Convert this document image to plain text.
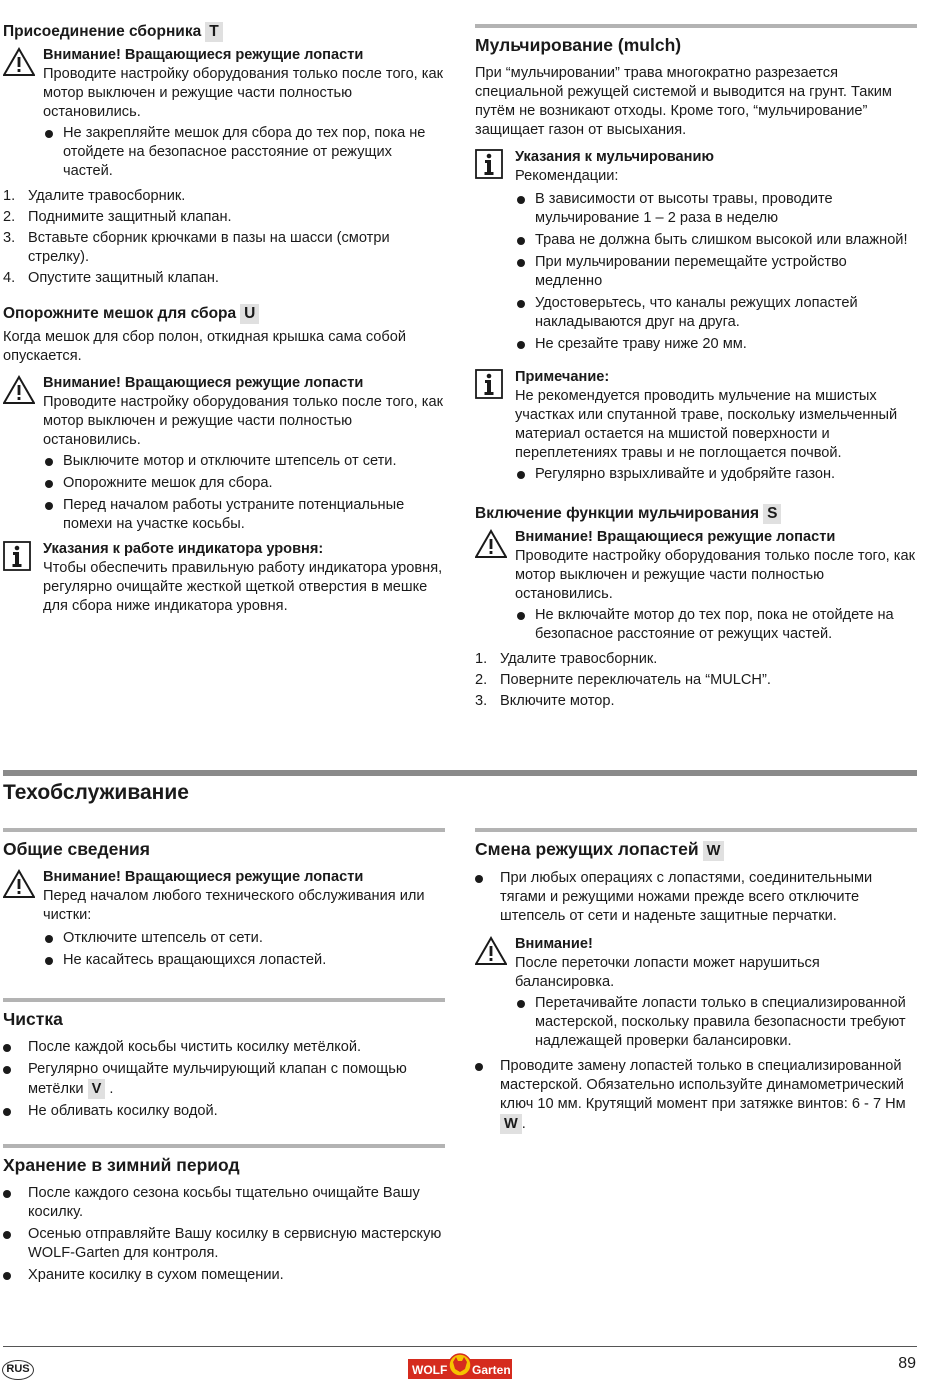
Присоединение сборника T
Внимание! Вращающиеся режущие лопасти

Проводите настройку оборудования только после того, как мотор выключен и режущие части полностью остановились.

Не закрепляйте мешок для сбора до тех пор, пока не отойдете на безопасное расстояние от режущих частей.
1. Удалите травосборник.
2. Поднимите защитный клапан.
3. Вставьте сборник крючками в пазы на шасси (смотри стрелку).
4. Опустите защитный клапан.
Опорожните мешок для сбора U

Когда мешок для сбор полон, откидная крышка сама собой опускается.

Внимание! Вращающиеся режущие лопасти

Проводите настройку оборудования только после того, как мотор выключен и режущие части полностью остановились.

Выключите мотор и отключите штепсель от сети.
Опорожните мешок для сбора.
Перед началом работы устраните потенциальные помехи на участке косьбы.
Указания к работе индикатора уровня:

Чтобы обеспечить правильную работу индикатора уровня, регулярно очищайте жесткой щеткой отверстия в мешке для сбора ниже индикатора уровня.

Мульчирование (mulch)

При “мульчировании” трава многократно разрезается специальной режущей системой и выводится на грунт. Таким путём не возникают отходы. Кроме того, “мульчирование” защищает газон от высыхания.

Указания к мульчированию

Рекомендации:

В зависимости от высоты травы, проводите мульчирование 1 – 2 раза в неделю
Трава не должна быть слишком высокой или влажной!
При мульчировании перемещайте устройство медленно
Удостоверьтесь, что каналы режущих лопастей накладываются друг на друга.
Не срезайте траву ниже 20 мм.
Примечание:

Не рекомендуется проводить мульчение на мшистых участках или спутанной траве, поскольку измельченный материал остается на мшистой поверхности и переплетениях травы и не поглощается почвой.

Регулярно взрыхливайте и удобряйте газон.
Включение функции мульчирования S
Внимание! Вращающиеся режущие лопасти

Проводите настройку оборудования только после того, как мотор выключен и режущие части полностью остановились.

Не включайте мотор до тех пор, пока не отойдете на безопасное расстояние от режущих частей.
1. Удалите травосборник.
2. Поверните переключатель на “MULCH”.
3. Включите мотор.
Техобслуживание
Общие сведения
Внимание! Вращающиеся режущие лопасти

Перед началом любого технического обслуживания или чистки:

Отключите штепсель от сети.
Не касайтесь вращающихся лопастей.
Чистка
После каждой косьбы чистить косилку метёлкой.
Регулярно очищайте мульчирующий клапан с помощью метёлки V .
Не обливать косилку водой.
Хранение в зимний период
После каждого сезона косьбы тщательно очищайте Вашу косилку.
Осенью отправляйте Вашу косилку в сервисную мастерскую WOLF-Garten для контроля.
Храните косилку в сухом помещении.
Смена режущих лопастей W
При любых операциях с лопастями, соединительными тягами и режущими ножами прежде всего отключите штепсель от сети и наденьте защитные перчатки.
Внимание!

После переточки лопасти может нарушиться балансировка.

Перетачивайте лопасти только в специализированной мастерской, поскольку правила безопасности требуют надлежащей проверки балансировки.
Проводите замену лопастей только в специализированной мастерской. Обязательно используйте динамометрический ключ 10 мм. Крутящий момент при затяжке винтов: 6 - 7 Нм W .
RUS	WOLF Garten	89
